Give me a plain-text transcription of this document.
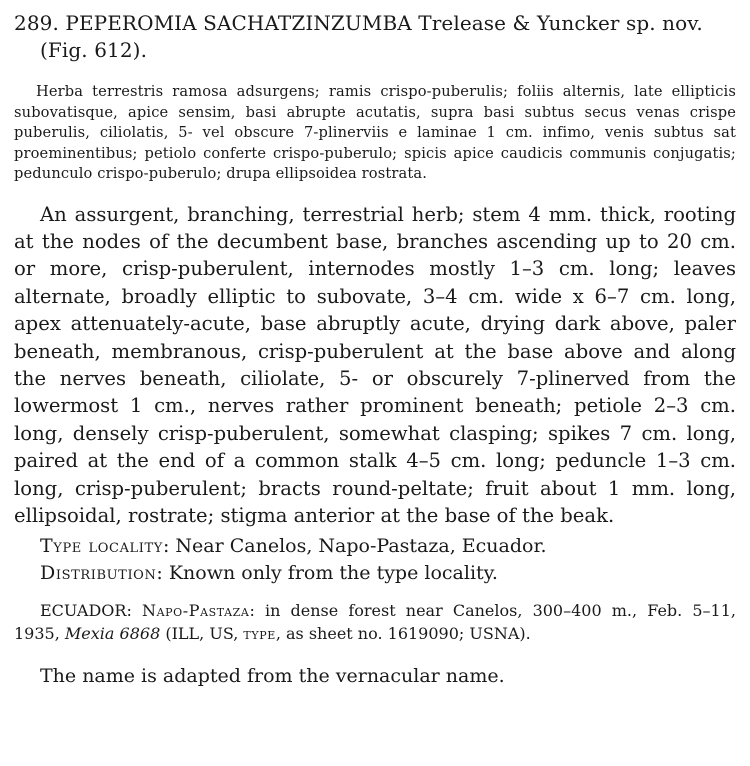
289. PEPEROMIA SACHATZINZUMBA Trelease & Yuncker sp. nov. (Fig. 612).

Herba terrestris ramosa adsurgens; ramis crispo-puberulis; foliis alternis, late ellipticis subovatisque, apice sensim, basi abrupte acutatis, supra basi subtus secus venas crispe puberulis, ciliolatis, 5- vel obscure 7-plinerviis e laminae 1 cm. infimo, venis subtus sat proeminentibus; petiolo conferte crispo-puberulo; spicis apice caudicis communis conjugatis; pedunculo crispo-puberulo; drupa ellipsoidea rostrata.

An assurgent, branching, terrestrial herb; stem 4 mm. thick, rooting at the nodes of the decumbent base, branches ascending up to 20 cm. or more, crisp-puberulent, internodes mostly 1–3 cm. long; leaves alternate, broadly elliptic to subovate, 3–4 cm. wide x 6–7 cm. long, apex attenuately-acute, base abruptly acute, drying dark above, paler beneath, membranous, crisp-puberulent at the base above and along the nerves beneath, ciliolate, 5- or obscurely 7-plinerved from the lowermost 1 cm., nerves rather prominent beneath; petiole 2–3 cm. long, densely crisp-puberulent, somewhat clasping; spikes 7 cm. long, paired at the end of a common stalk 4–5 cm. long; peduncle 1–3 cm. long, crisp-puberulent; bracts round-peltate; fruit about 1 mm. long, ellipsoidal, rostrate; stigma anterior at the base of the beak.

Type locality: Near Canelos, Napo-Pastaza, Ecuador.

Distribution: Known only from the type locality.

ECUADOR: Napo-Pastaza: in dense forest near Canelos, 300–400 m., Feb. 5–11, 1935, Mexia 6868 (ILL, US, type, as sheet no. 1619090; USNA).

The name is adapted from the vernacular name.
